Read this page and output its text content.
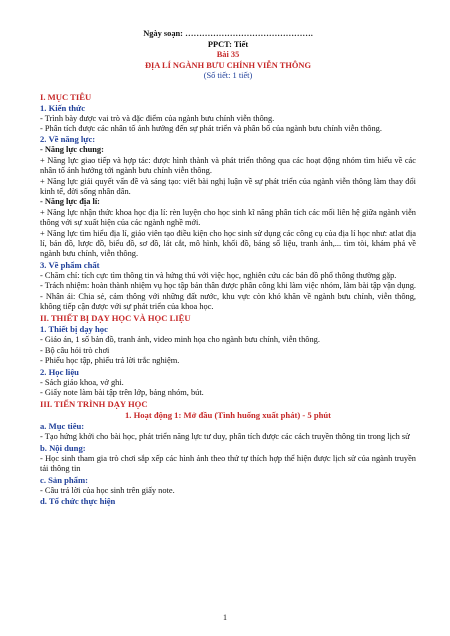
Ngày soạn: ……………………………………….

PPCT: Tiết

Bài 35

ĐỊA LÍ NGÀNH BƯU CHÍNH VIỄN THÔNG

(Số tiết: 1 tiết)

I. MỤC TIÊU

1. Kiến thức

- Trình bày được vai trò và đặc điểm của ngành bưu chính viễn thông.

- Phân tích được các nhân tố ảnh hưởng đến sự phát triển và phân bố của ngành bưu chính viễn thông.

2. Về năng lực:

- Năng lực chung:

+ Năng lực giao tiếp và hợp tác: được hình thành và phát triển thông qua các hoạt động nhóm tìm hiểu về các nhân tố ảnh hưởng tới ngành bưu chính viễn thông.

+ Năng lực giải quyết vấn đề và sáng tạo: viết bài nghị luận về sự phát triển của ngành viễn thông làm thay đổi kinh tế, đời sống nhân dân.

- Năng lực địa lí:

+ Năng lực nhận thức khoa học địa lí: rèn luyện cho học sinh kĩ năng phân tích các mối liên hệ giữa ngành viễn thông với sự xuất hiện của các ngành nghề mới.

+ Năng lực tìm hiểu địa lí, giáo viên tạo điều kiện cho học sinh sử dụng các công cụ của địa lí học như: atlat địa lí, bản đồ, lược đồ, biểu đồ, sơ đồ, lát cắt, mô hình, khối đồ, bảng số liệu, tranh ảnh,... tìm tòi, khám phá về ngành bưu chính, viễn thông.

3. Về phẩm chất

- Chăm chỉ: tích cực tìm thông tin và hứng thú với việc học, nghiên cứu các bản đồ phổ thông thường gặp.

- Trách nhiệm: hoàn thành nhiệm vụ học tập bản thân được phân công khi làm việc nhóm, làm bài tập vận dụng.

- Nhân ái: Chia sẻ, cảm thông với những đất nước, khu vực còn khó khăn về ngành bưu chính, viễn thông, không tiếp cận được với sự phát triển của khoa học.

II. THIẾT BỊ DẠY HỌC VÀ HỌC LIỆU

1. Thiết bị dạy học

- Giáo án, 1 số bản đồ, tranh ảnh, video minh họa cho ngành bưu chính, viễn thông.

- Bộ câu hỏi trò chơi

- Phiếu học tập, phiếu trả lời trắc nghiệm.

2. Học liệu

- Sách giáo khoa, vở ghi.

- Giấy note làm bài tập trên lớp, bảng nhóm, bút.

III. TIẾN TRÌNH DẠY HỌC

1. Hoạt động 1: Mở đầu (Tình huống xuất phát) - 5 phút

a. Mục tiêu:

- Tạo hứng khởi cho bài học, phát triển năng lực tư duy, phân tích được các cách truyền thông tin trong lịch sử

b. Nội dung:

- Học sinh tham gia trò chơi sắp xếp các hình ảnh theo thứ tự thích hợp thể hiện được lịch sử của ngành truyền tải thông tin

c. Sản phẩm:

- Câu trả lời của học sinh trên giấy note.

d. Tổ chức thực hiện

1
